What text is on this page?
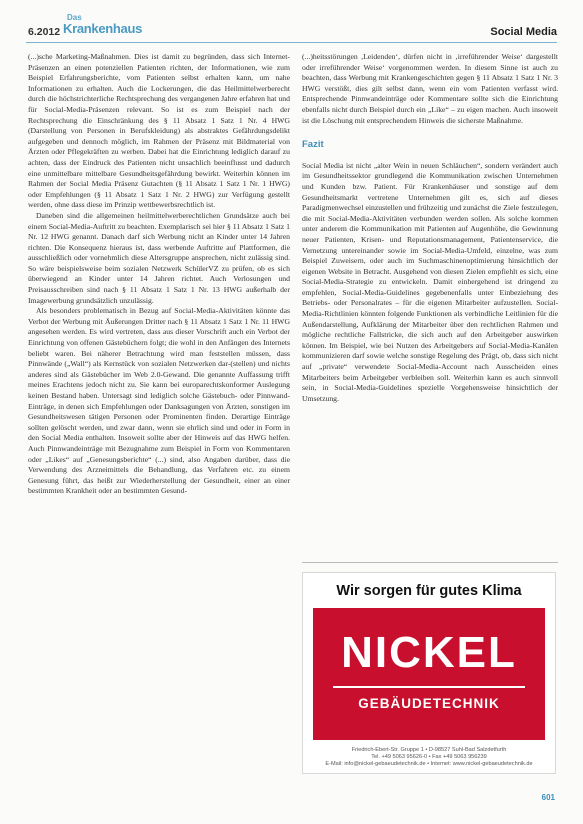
6.2012
Das
Krankenhaus	Social Media

(...)sche Marketing-Maßnahmen. Dies ist damit zu begründen, dass sich Internet-Präsenzen an einen potenziellen Patienten richten, der Informationen, wie zum Beispiel Erfahrungsberichte, vom Patienten selbst erhalten kann, um nahe Informationen zu erhalten. Auch die Lockerungen, die das Heilmittelwerberecht durch die höchstrichterliche Rechtsprechung des vergangenen Jahre erfahren hat und für Social-Media-Präsenzen relevant. So ist es zum Beispiel nach der Rechtsprechung die Einschränkung des § 11 Absatz 1 Satz 1 Nr. 4 HWG (Darstellung von Personen in Berufskleidung) als abstraktes Gefährdungsdelikt aufgegeben und dennoch möglich, im Rahmen der Präsenz mit Bildmaterial von Ärzten oder Pflegekräften zu werben. Dabei hat die Einrichtung lediglich darauf zu achten, dass der Eindruck des Patienten nicht unsachlich beeinflusst und dadurch eine unmittelbare mittelbare Gesundheitsgefährdung bewirkt. Weiterhin können im Rahmen der Social Media Präsenz Gutachten (§ 11 Absatz 1 Satz 1 Nr. 1 HWG) oder Empfehlungen (§ 11 Absatz 1 Satz 1 Nr. 2 HWG) zur Verfügung gestellt werden, ohne dass diese im Prinzip wettbewerbsrechtlich ist.

Daneben sind die allgemeinen heilmittelwerberechtlichen Grundsätze auch bei einem Social-Media-Auftritt zu beachten. Exemplarisch sei hier § 11 Absatz 1 Satz 1 Nr. 12 HWG genannt. Danach darf sich Werbung nicht an Kinder unter 14 Jahren richten. Die Konsequenz hieraus ist, dass werbende Auftritte auf Plattformen, die ausschließlich oder vornehmlich diese Altersgruppe ansprechen, nicht zulässig sind. So wäre beispielsweise beim sozialen Netzwerk SchülerVZ zu prüfen, ob es sich überwiegend an Kinder unter 14 Jahren richtet. Auch Verlosungen und Preisausschreiben sind nach § 11 Absatz 1 Satz 1 Nr. 13 HWG außerhalb der Imagewerbung grundsätzlich unzulässig.

Als besonders problematisch in Bezug auf Social-Media-Aktivitäten könnte das Verbot der Werbung mit Äußerungen Dritter nach § 11 Absatz 1 Satz 1 Nr. 11 HWG angesehen werden. Es wird vertreten, dass aus dieser Vorschrift auch ein Verbot der Einrichtung von offenen Gästebüchern folgt; die wohl in den Anfängen des Internets beliebt waren. Bei näherer Betrachtung wird man feststellen müssen, dass Pinnwände („Wall“) als Kernstück von sozialen Netzwerken dar-(stellen) und nichts anderes sind als Gästebücher im Web 2.0-Gewand. Die genannte Auffassung trifft meines Erachtens jedoch nicht zu. Sie kann bei europarechtskonformer Auslegung keinen Bestand haben. Untersagt sind lediglich solche Gästebuch- oder Pinnwand-Einträge, in denen sich Empfehlungen oder Danksagungen von Ärzten, sonstigen im Gesundheitswesen tätigen Personen oder Prominenten finden. Derartige Einträge sollten gelöscht werden, und zwar dann, wenn sie ehrlich sind und oder in Form in den Social Media enthalten. Insoweit sollte aber der Hinweis auf das HWG helfen. Auch Pinnwandeinträge mit Bezugnahme zum Beispiel in Form von Kommentaren oder „Likes“ auf „Genesungsberichte“ (...) sind, also Angaben darüber, dass die Verwendung des Arzneimittels die Behandlung, das Verfahren etc. zu einem Genesung führt, das heißt zur Wiederherstellung der Gesundheit, einer an einer bestimmten Krankheit oder an bestimmten Gesund-

(...)heitsstörungen ,Leidenden‘, dürfen nicht in ‚irreführender Weise‘ dargestellt oder irreführender Weise‘ vorgenommen werden. In diesem Sinne ist auch zu beachten, dass Werbung mit Krankengeschichten gegen § 11 Absatz 1 Satz 1 Nr. 3 HWG verstößt, dies gilt selbst dann, wenn ein vom Patienten verfasst wird. Entsprechende Pinnwandeinträge oder Kommentare sollte sich die Einrichtung ebenfalls nicht durch Beispiel durch ein „Like“ – zu eigen machen. Auch insoweit ist die Löschung mit entsprechendem Hinweis die sicherste Maßnahme.

Fazit

Social Media ist nicht „alter Wein in neuen Schläuchen“, sondern verändert auch im Gesundheitssektor grundlegend die Kommunikation zwischen Unternehmen und Kunden bzw. Patient. Für Krankenhäuser und sonstige auf dem Gesundheitsmarkt vertretene Unternehmen gilt es, sich auf dieses Paradigmenwechsel einzustellen und frühzeitig und zunächst die Ziele festzulegen, die mit Social-Media-Aktivitäten verbunden werden sollen. Als solche kommen unter anderem die Kommunikation mit Patienten auf Augenhöhe, die Gewinnung neuer Patienten, Krisen- und Reputationsmanagement, Patientenservice, die Vernetzung untereinander sowie im Social-Media-Umfeld, einzelne, was zum Beispiel Zuweisern, oder auch im Suchmaschinenoptimierung hinsichtlich der eigenen Website in Betracht. Ausgehend von diesen Zielen empfiehlt es sich, eine Social-Media-Strategie zu entwickeln. Damit einhergehend ist dringend zu empfehlen, Social-Media-Guidelines gegebenenfalls unter Einbeziehung des Betriebs- oder Personalrates – für die eigenen Mitarbeiter aufzustellen. Social-Media-Richtlinien könnten folgende Funktionen als verbindliche Leitlinien für die Außendarstellung, Aufklärung der Mitarbeiter über den rechtlichen Rahmen und mögliche rechtliche Fallstricke, die sich auch auf den Arbeitgeber auswirken können. Im Beispiel, wie bei Nutzen des Arbeitgebers auf Social-Media-Kanälen kommunizieren darf sowie welche sonstige Regelung des Prägt, ob, dass sich nicht auf „private“ verwendete Social-Media-Account nach Ausscheiden eines Mitarbeiters beim Arbeitgeber verbleiben soll. Weiterhin kann es auch sinnvoll sein, in Social-Media-Guidelines spezielle Vorgehensweise hinsichtlich der Umsetzung.

Wir sorgen für gutes Klima
NICKEL
GEBÄUDETECHNIK
Friedrich-Ebert-Str. Gruppe 1 • D-98527 Suhl-Bad Salzdetfurth
Tel. +49 5063 95626-0 • Fax +49 5063 956239
E-Mail: info@nickel-gebaeudetechnik.de • Internet: www.nickel-gebaeudetechnik.de
601
